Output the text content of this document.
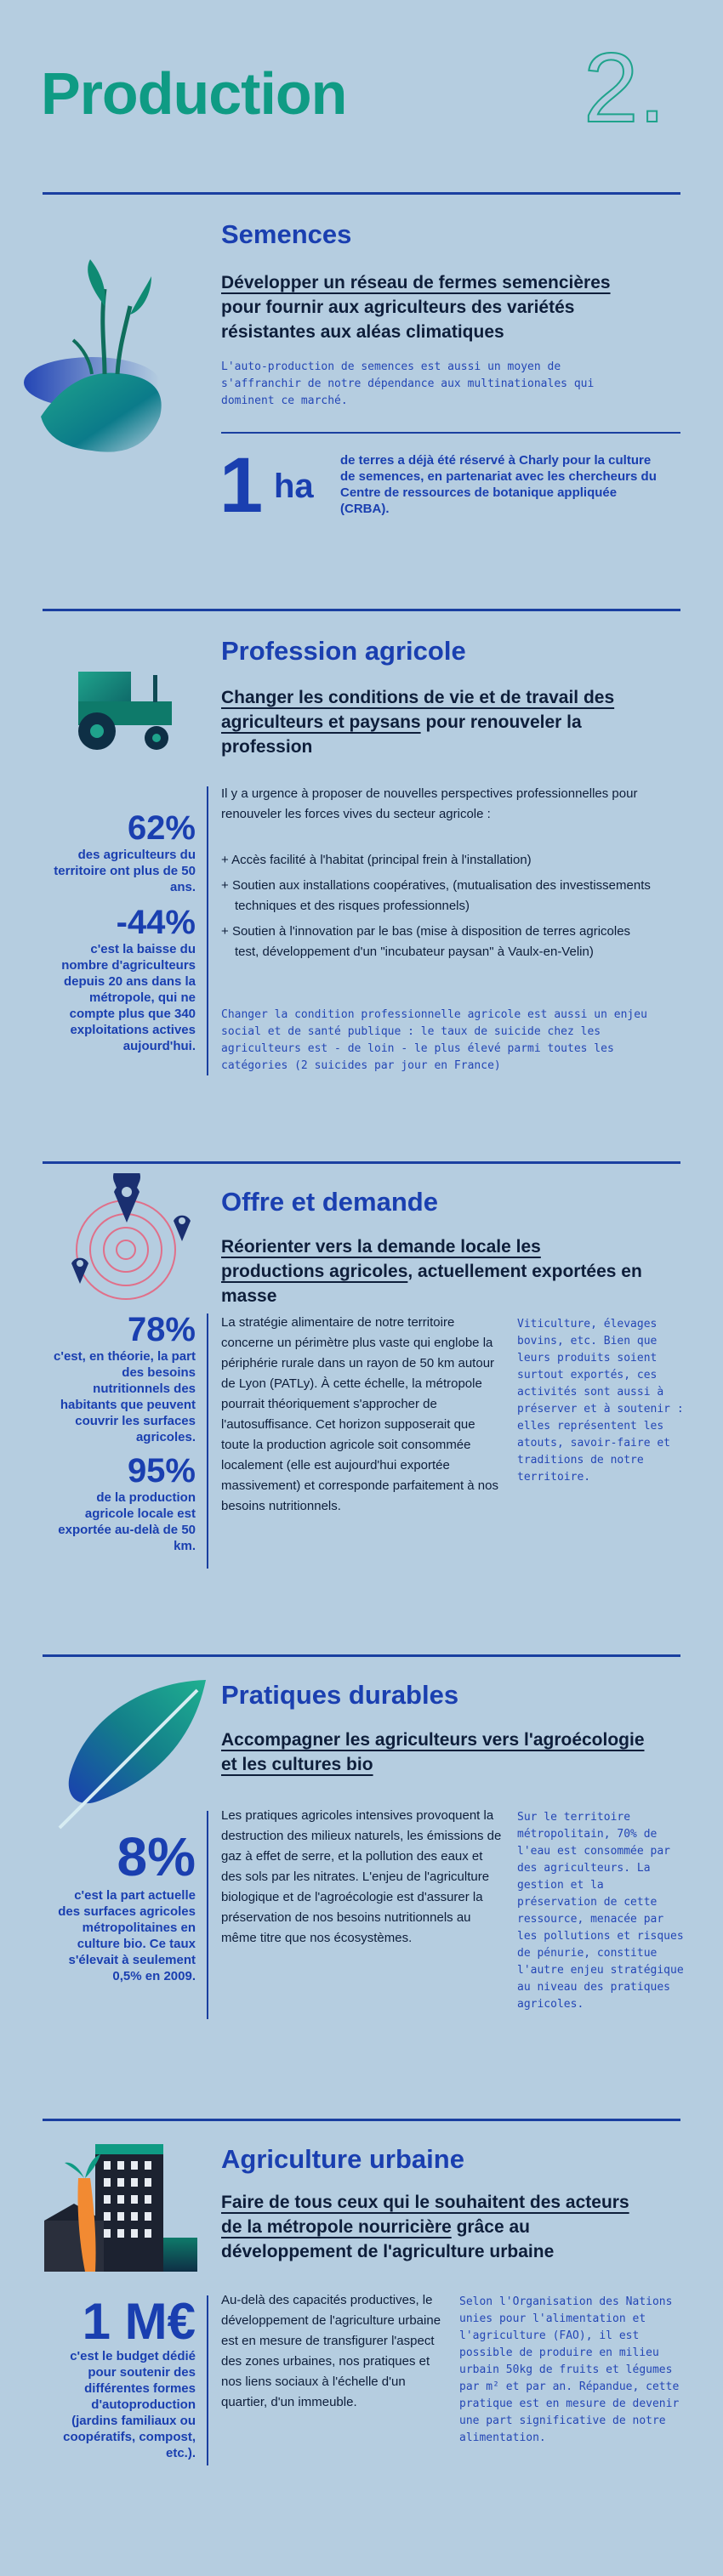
Production 2.
Semences
Développer un réseau de fermes semencières pour fournir aux agriculteurs des variétés résistantes aux aléas climatiques
L'auto-production de semences est aussi un moyen de s'affranchir de notre dépendance aux multinationales qui dominent ce marché.
1 ha
de terres a déjà été réservé à Charly pour la culture de semences, en partenariat avec les chercheurs du Centre de ressources de botanique appliquée (CRBA).
Profession agricole
Changer les conditions de vie et de travail des agriculteurs et paysans pour renouveler la profession
62%
des agriculteurs du territoire ont plus de 50 ans.
-44%
c'est la baisse du nombre d'agriculteurs depuis 20 ans dans la métropole, qui ne compte plus que 340 exploitations actives aujourd'hui.
Il y a urgence à proposer de nouvelles perspectives professionnelles pour renouveler les forces vives du secteur agricole :
+ Accès facilité à l'habitat (principal frein à l'installation)
+ Soutien aux installations coopératives, (mutualisation des investissements techniques et des risques professionnels)
+ Soutien à l'innovation par le bas (mise à disposition de terres agricoles test, développement d'un "incubateur paysan" à Vaulx-en-Velin)
Changer la condition professionnelle agricole est aussi un enjeu social et de santé publique : le taux de suicide chez les agriculteurs est - de loin - le plus élevé parmi toutes les catégories (2 suicides par jour en France)
Offre et demande
Réorienter vers la demande locale les productions agricoles, actuellement exportées en masse
78%
c'est, en théorie, la part des besoins nutritionnels des habitants que peuvent couvrir les surfaces agricoles.
95%
de la production agricole locale est exportée au-delà de 50 km.
La stratégie alimentaire de notre territoire concerne un périmètre plus vaste qui englobe la périphérie rurale dans un rayon de 50 km autour de Lyon (PATLy). À cette échelle, la métropole pourrait théoriquement s'approcher de l'autosuffisance. Cet horizon supposerait que toute la production agricole soit consommée localement (elle est aujourd'hui exportée massivement) et corresponde parfaitement à nos besoins nutritionnels.
Viticulture, élevages bovins, etc. Bien que leurs produits soient surtout exportés, ces activités sont aussi à préserver et à soutenir : elles représentent les atouts, savoir-faire et traditions de notre territoire.
Pratiques durables
Accompagner les agriculteurs vers l'agroécologie et les cultures bio
8%
c'est la part actuelle des surfaces agricoles métropolitaines en culture bio. Ce taux s'élevait à seulement 0,5% en 2009.
Les pratiques agricoles intensives provoquent la destruction des milieux naturels, les émissions de gaz à effet de serre, et la pollution des eaux et des sols par les nitrates. L'enjeu de l'agriculture biologique et de l'agroécologie est d'assurer la préservation de nos besoins nutritionnels au même titre que nos écosystèmes.
Sur le territoire métropolitain, 70% de l'eau est consommée par des agriculteurs. La gestion et la préservation de cette ressource, menacée par les pollutions et risques de pénurie, constitue l'autre enjeu stratégique au niveau des pratiques agricoles.
Agriculture urbaine
Faire de tous ceux qui le souhaitent des acteurs de la métropole nourricière grâce au développement de l'agriculture urbaine
1 M€
c'est le budget dédié pour soutenir des différentes formes d'autoproduction (jardins familiaux ou coopératifs, compost, etc.).
Au-delà des capacités productives, le développement de l'agriculture urbaine est en mesure de transfigurer l'aspect des zones urbaines, nos pratiques et nos liens sociaux à l'échelle d'un quartier, d'un immeuble.
Selon l'Organisation des Nations unies pour l'alimentation et l'agriculture (FAO), il est possible de produire en milieu urbain 50kg de fruits et légumes par m² et par an. Répandue, cette pratique est en mesure de devenir une part significative de notre alimentation.
